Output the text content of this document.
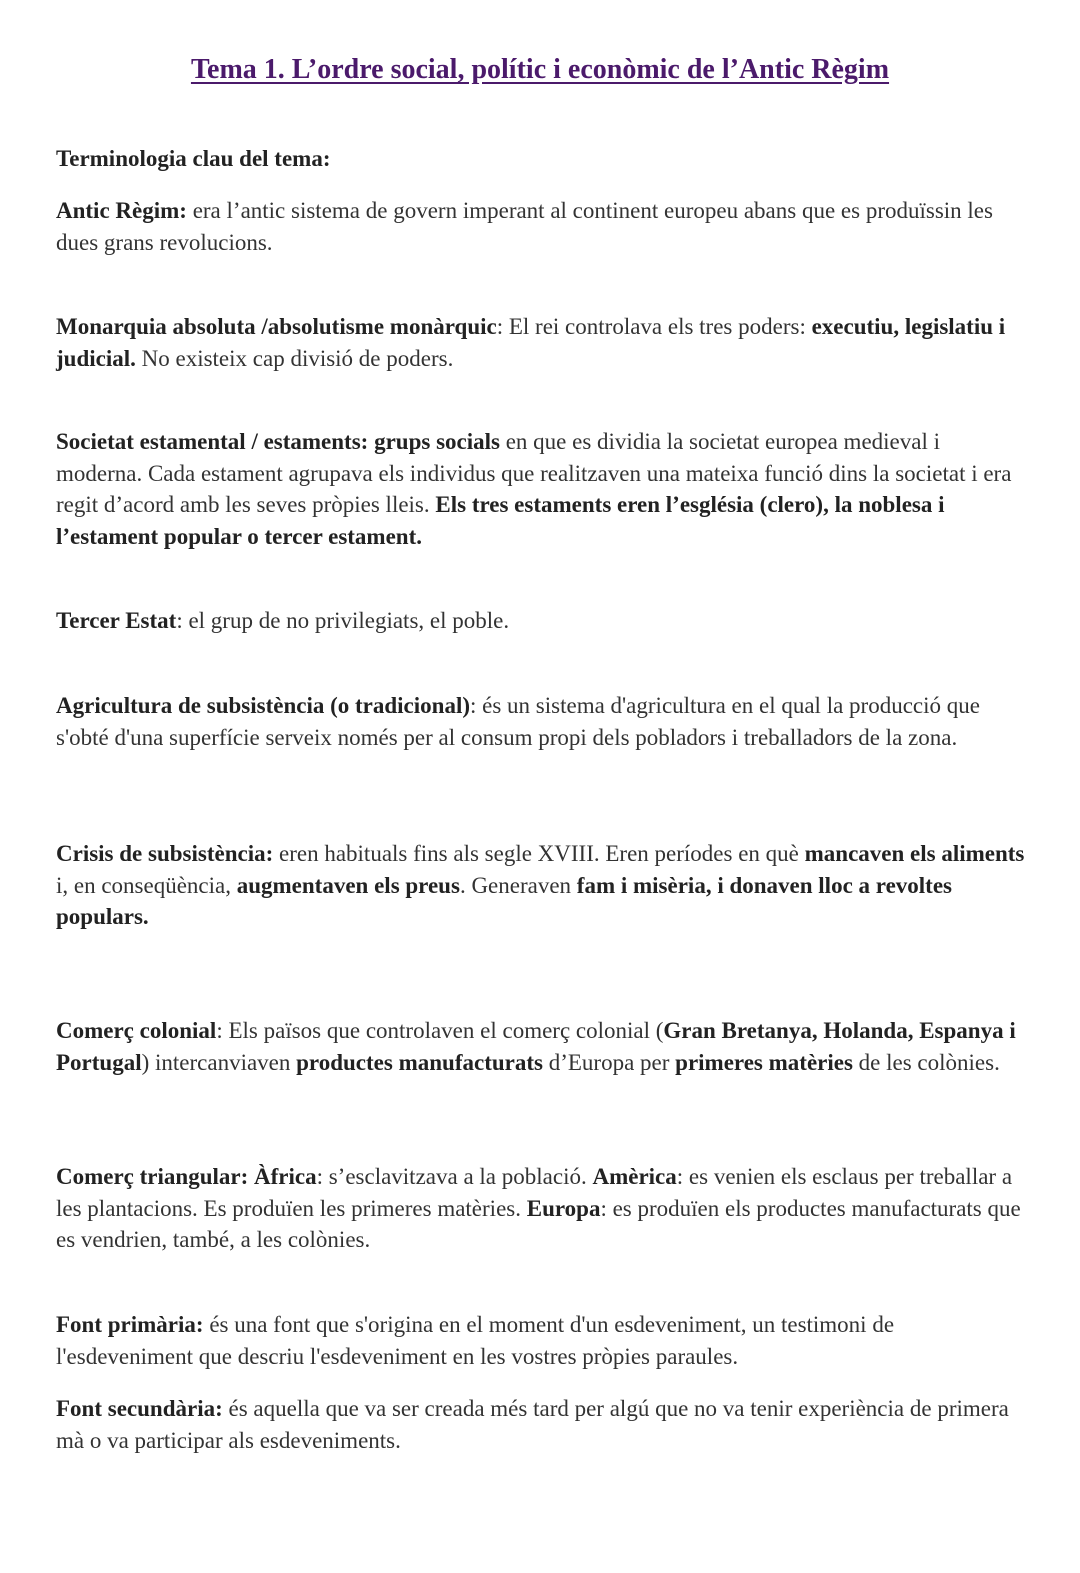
Tema 1. L’ordre social, polític i econòmic de l’Antic Règim

Terminologia clau del tema:

Antic Règim: era l’antic sistema de govern imperant al continent europeu abans que es produïssin les dues grans revolucions.

Monarquia absoluta /absolutisme monàrquic: El rei controlava els tres poders: executiu, legislatiu i judicial. No existeix cap divisió de poders.

Societat estamental / estaments: grups socials en que es dividia la societat europea medieval i moderna. Cada estament agrupava els individus que realitzaven una mateixa funció dins la societat i era regit d’acord amb les seves pròpies lleis. Els tres estaments eren l’església (clero), la noblesa i l’estament popular o tercer estament.

Tercer Estat: el grup de no privilegiats, el poble.

Agricultura de subsistència (o tradicional): és un sistema d'agricultura en el qual la producció que s'obté d'una superfície serveix només per al consum propi dels pobladors i treballadors de la zona.

Crisis de subsistència: eren habituals fins als segle XVIII. Eren períodes en què mancaven els aliments i, en conseqüència, augmentaven els preus. Generaven fam i misèria, i donaven lloc a revoltes populars.

Comerç colonial: Els països que controlaven el comerç colonial (Gran Bretanya, Holanda, Espanya i Portugal) intercanviaven productes manufacturats d’Europa per primeres matèries de les colònies.

Comerç triangular: Àfrica: s’esclavitzava a la població. Amèrica: es venien els esclaus per treballar a les plantacions. Es produïen les primeres matèries. Europa: es produïen els productes manufacturats que es vendrien, també, a les colònies.

Font primària: és una font que s'origina en el moment d'un esdeveniment, un testimoni de l'esdeveniment que descriu l'esdeveniment en les vostres pròpies paraules.

Font secundària: és aquella que va ser creada més tard per algú que no va tenir experiència de primera mà o va participar als esdeveniments.
